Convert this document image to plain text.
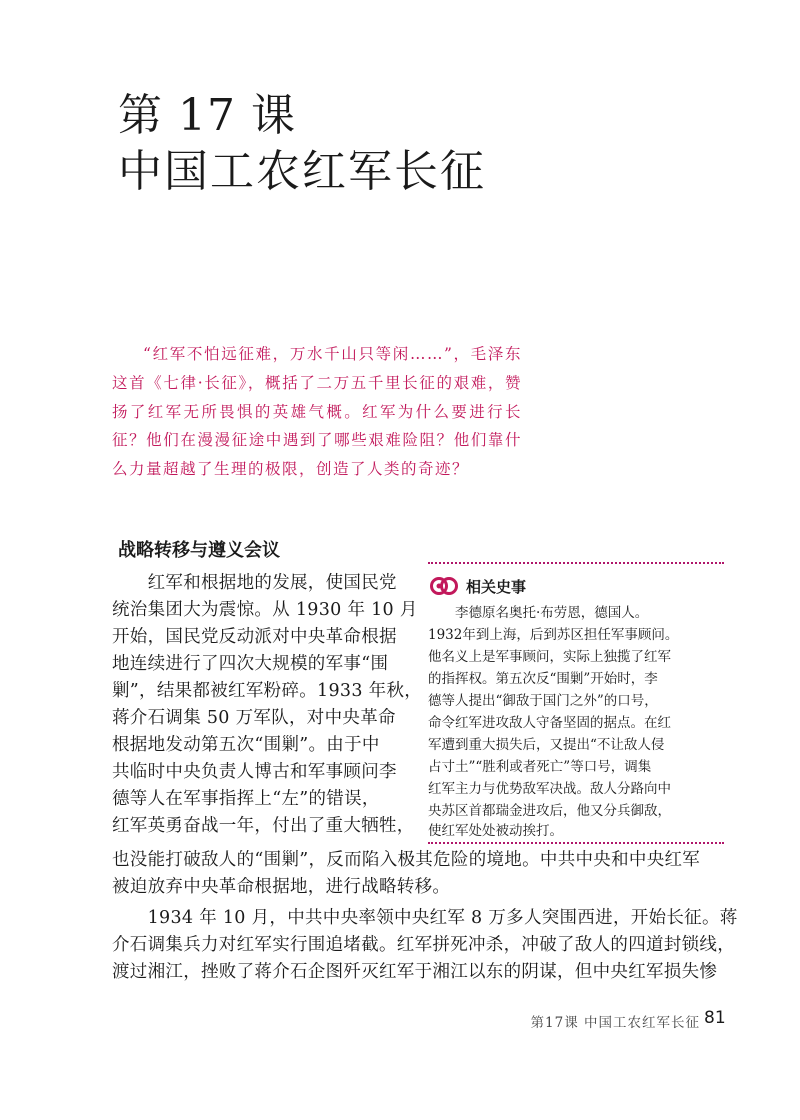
第 17 课
中国工农红军长征

“红军不怕远征难，万水千山只等闲……”，毛泽东这首《七律·长征》，概括了二万五千里长征的艰难，赞扬了红军无所畏惧的英雄气概。红军为什么要进行长征？他们在漫漫征途中遇到了哪些艰难险阻？他们靠什么力量超越了生理的极限，创造了人类的奇迹？

战略转移与遵义会议
　　红军和根据地的发展，使国民党
统治集团大为震惊。从 1930 年 10 月
开始，国民党反动派对中央革命根据
地连续进行了四次大规模的军事“围
剿”，结果都被红军粉碎。1933 年秋，
蒋介石调集 50 万军队，对中央革命
根据地发动第五次“围剿”。由于中
共临时中央负责人博古和军事顾问李
德等人在军事指挥上“左”的错误，
红军英勇奋战一年，付出了重大牺牲，
也没能打破敌人的“围剿”，反而陷入极其危险的境地。中共中央和中央红军
被迫放弃中央革命根据地，进行战略转移。
　　1934 年 10 月，中共中央率领中央红军 8 万多人突围西进，开始长征。蒋
介石调集兵力对红军实行围追堵截。红军拼死冲杀，冲破了敌人的四道封锁线，
渡过湘江，挫败了蒋介石企图歼灭红军于湘江以东的阴谋，但中央红军损失惨
相关史事
　　李德原名奥托·布劳恩，德国人。
1932年到上海，后到苏区担任军事顾问。
他名义上是军事顾问，实际上独揽了红军
的指挥权。第五次反“围剿”开始时，李
德等人提出“御敌于国门之外”的口号，
命令红军进攻敌人守备坚固的据点。在红
军遭到重大损失后，又提出“不让敌人侵
占寸土”“胜利或者死亡”等口号，调集
红军主力与优势敌军决战。敌人分路向中
央苏区首都瑞金进攻后，他又分兵御敌，
使红军处处被动挨打。
第17课 中国工农红军长征 81
